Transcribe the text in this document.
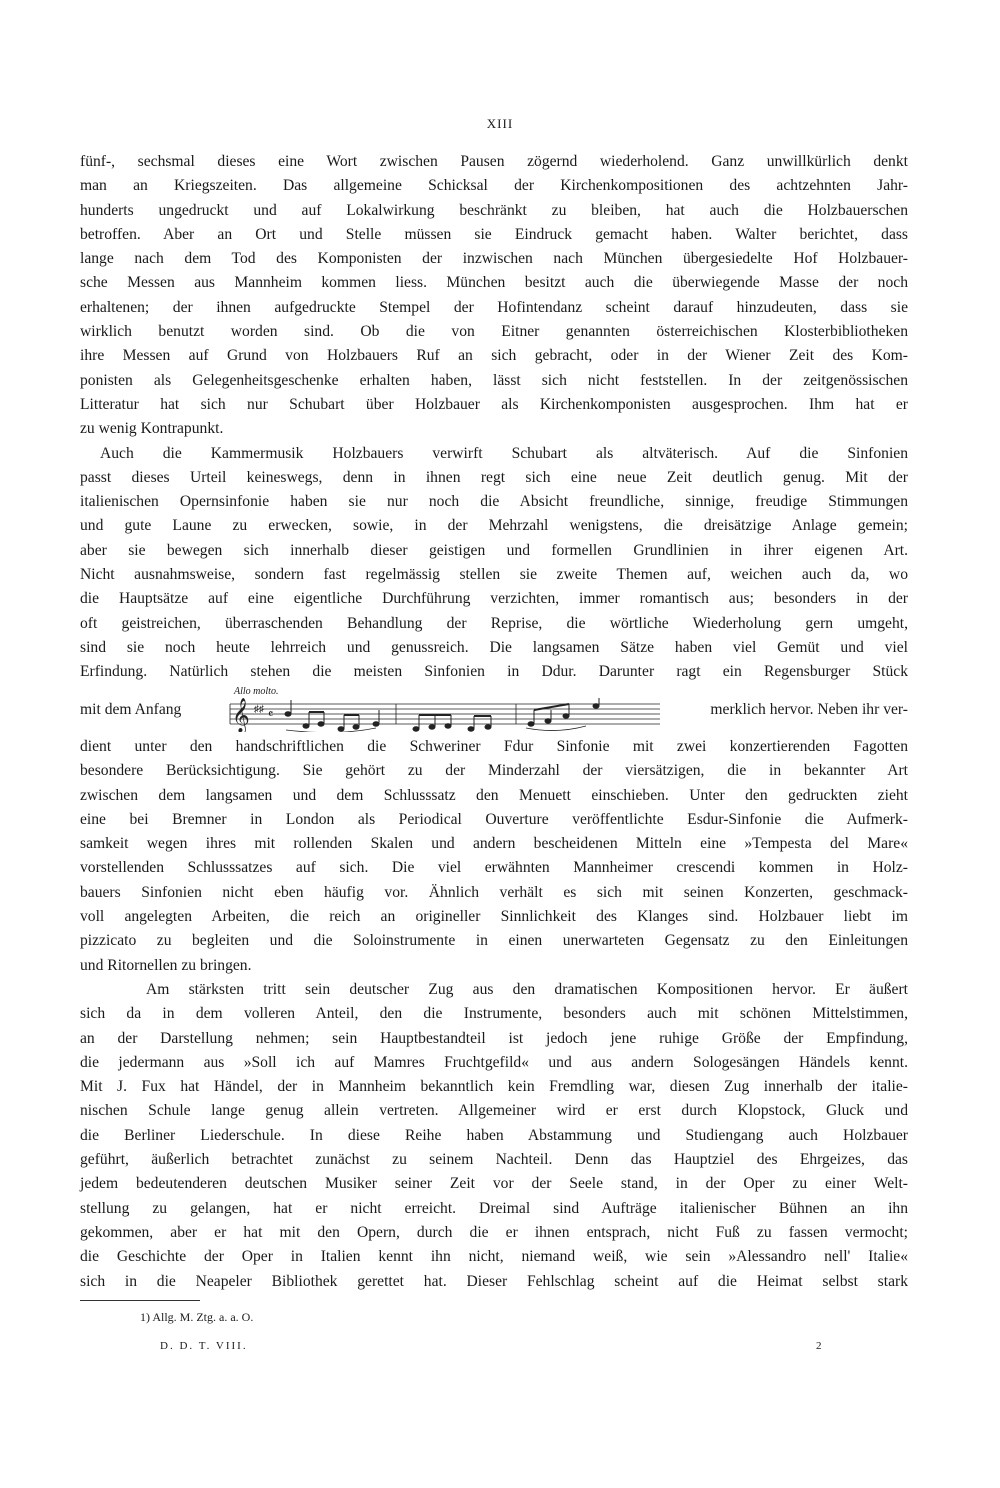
XIII
fünf-, sechsmal dieses eine Wort zwischen Pausen zögernd wiederholend. Ganz unwillkürlich denkt
man an Kriegszeiten. Das allgemeine Schicksal der Kirchenkompositionen des achtzehnten Jahr-
hunderts ungedruckt und auf Lokalwirkung beschränkt zu bleiben, hat auch die Holzbauerschen
betroffen. Aber an Ort und Stelle müssen sie Eindruck gemacht haben. Walter berichtet, dass
lange nach dem Tod des Komponisten der inzwischen nach München übergesiedelte Hof Holzbauer-
sche Messen aus Mannheim kommen liess. München besitzt auch die überwiegende Masse der noch
erhaltenen; der ihnen aufgedruckte Stempel der Hofintendanz scheint darauf hinzudeuten, dass sie
wirklich benutzt worden sind. Ob die von Eitner genannten österreichischen Klosterbibliotheken
ihre Messen auf Grund von Holzbauers Ruf an sich gebracht, oder in der Wiener Zeit des Kom-
ponisten als Gelegenheitsgeschenke erhalten haben, lässt sich nicht feststellen. In der zeitgenössischen
Litteratur hat sich nur Schubart über Holzbauer als Kirchenkomponisten ausgesprochen. Ihm hat er
zu wenig Kontrapunkt.
Auch die Kammermusik Holzbauers verwirft Schubart als altväterisch. Auf die Sinfonien
passt dieses Urteil keineswegs, denn in ihnen regt sich eine neue Zeit deutlich genug. Mit der
italienischen Opernsinfonie haben sie nur noch die Absicht freundliche, sinnige, freudige Stimmungen
und gute Laune zu erwecken, sowie, in der Mehrzahl wenigstens, die dreisätzige Anlage gemein;
aber sie bewegen sich innerhalb dieser geistigen und formellen Grundlinien in ihrer eigenen Art.
Nicht ausnahmsweise, sondern fast regelmässig stellen sie zweite Themen auf, weichen auch da, wo
die Hauptsätze auf eine eigentliche Durchführung verzichten, immer romantisch aus; besonders in der
oft geistreichen, überraschenden Behandlung der Reprise, die wörtliche Wiederholung gern umgeht,
sind sie noch heute lehrreich und genussreich. Die langsamen Sätze haben viel Gemüt und viel
Erfindung. Natürlich stehen die meisten Sinfonien in Ddur. Darunter ragt ein Regensburger Stück
mit dem Anfang
Allo molto.
𝄞 ♯♯ 𝄴	merklich hervor. Neben ihr ver-
dient unter den handschriftlichen die Schweriner Fdur Sinfonie mit zwei konzertierenden Fagotten
besondere Berücksichtigung. Sie gehört zu der Minderzahl der viersätzigen, die in bekannter Art
zwischen dem langsamen und dem Schlusssatz den Menuett einschieben. Unter den gedruckten zieht
eine bei Bremner in London als Periodical Ouverture veröffentlichte Esdur-Sinfonie die Aufmerk-
samkeit wegen ihres mit rollenden Skalen und andern bescheidenen Mitteln eine »Tempesta del Mare«
vorstellenden Schlusssatzes auf sich. Die viel erwähnten Mannheimer crescendi kommen in Holz-
bauers Sinfonien nicht eben häufig vor. Ähnlich verhält es sich mit seinen Konzerten, geschmack-
voll angelegten Arbeiten, die reich an origineller Sinnlichkeit des Klanges sind. Holzbauer liebt im
pizzicato zu begleiten und die Soloinstrumente in einen unerwarteten Gegensatz zu den Einleitungen
und Ritornellen zu bringen.
Am stärksten tritt sein deutscher Zug aus den dramatischen Kompositionen hervor. Er äußert
sich da in dem volleren Anteil, den die Instrumente, besonders auch mit schönen Mittelstimmen,
an der Darstellung nehmen; sein Hauptbestandteil ist jedoch jene ruhige Größe der Empfindung,
die jedermann aus »Soll ich auf Mamres Fruchtgefild« und aus andern Sologesängen Händels kennt.
Mit J. Fux hat Händel, der in Mannheim bekanntlich kein Fremdling war, diesen Zug innerhalb der italie-
nischen Schule lange genug allein vertreten. Allgemeiner wird er erst durch Klopstock, Gluck und
die Berliner Liederschule. In diese Reihe haben Abstammung und Studiengang auch Holzbauer
geführt, äußerlich betrachtet zunächst zu seinem Nachteil. Denn das Hauptziel des Ehrgeizes, das
jedem bedeutenderen deutschen Musiker seiner Zeit vor der Seele stand, in der Oper zu einer Welt-
stellung zu gelangen, hat er nicht erreicht. Dreimal sind Aufträge italienischer Bühnen an ihn
gekommen, aber er hat mit den Opern, durch die er ihnen entsprach, nicht Fuß zu fassen vermocht;
die Geschichte der Oper in Italien kennt ihn nicht, niemand weiß, wie sein »Alessandro nell' Italie«
sich in die Neapeler Bibliothek gerettet hat. Dieser Fehlschlag scheint auf die Heimat selbst stark
1) Allg. M. Ztg. a. a. O.
D. D. T. VIII.	2
